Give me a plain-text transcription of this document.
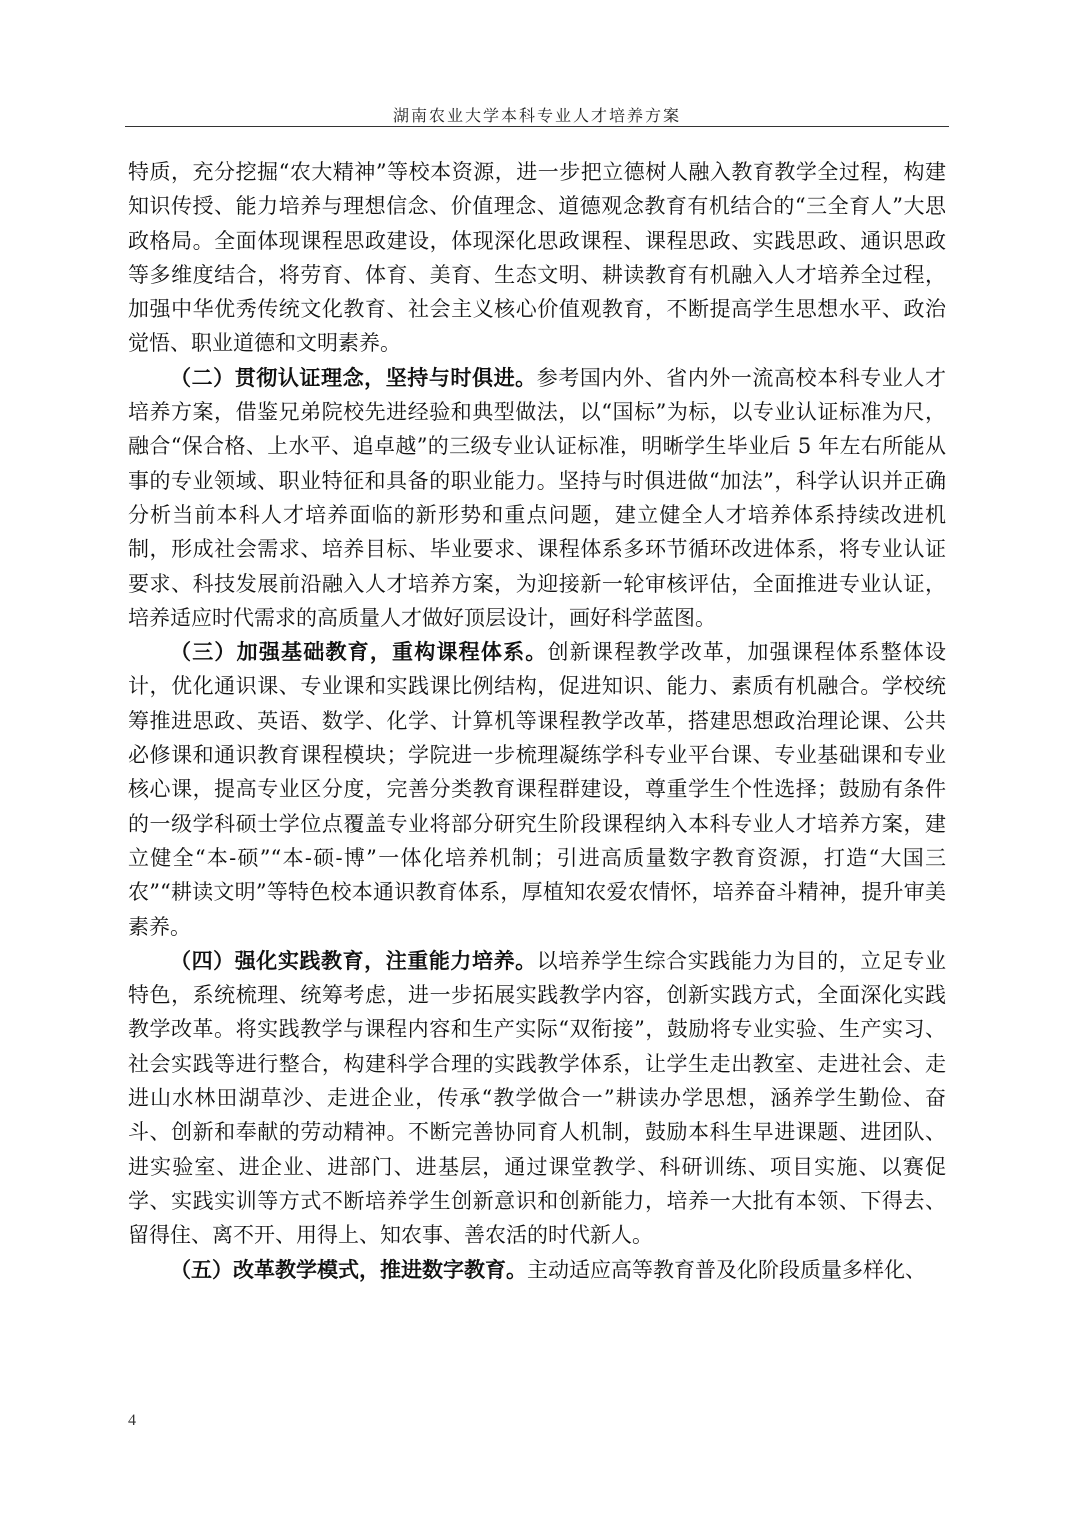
湖南农业大学本科专业人才培养方案

特质，充分挖掘“农大精神”等校本资源，进一步把立德树人融入教育教学全过程，构建知识传授、能力培养与理想信念、价值理念、道德观念教育有机结合的“三全育人”大思政格局。全面体现课程思政建设，体现深化思政课程、课程思政、实践思政、通识思政等多维度结合，将劳育、体育、美育、生态文明、耕读教育有机融入人才培养全过程，加强中华优秀传统文化教育、社会主义核心价值观教育，不断提高学生思想水平、政治觉悟、职业道德和文明素养。

（二）贯彻认证理念，坚持与时俱进。参考国内外、省内外一流高校本科专业人才培养方案，借鉴兄弟院校先进经验和典型做法，以“国标”为标，以专业认证标准为尺，融合“保合格、上水平、追卓越”的三级专业认证标准，明晰学生毕业后 5 年左右所能从事的专业领域、职业特征和具备的职业能力。坚持与时俱进做“加法”，科学认识并正确分析当前本科人才培养面临的新形势和重点问题，建立健全人才培养体系持续改进机制，形成社会需求、培养目标、毕业要求、课程体系多环节循环改进体系，将专业认证要求、科技发展前沿融入人才培养方案，为迎接新一轮审核评估，全面推进专业认证，培养适应时代需求的高质量人才做好顶层设计，画好科学蓝图。

（三）加强基础教育，重构课程体系。创新课程教学改革，加强课程体系整体设计，优化通识课、专业课和实践课比例结构，促进知识、能力、素质有机融合。学校统筹推进思政、英语、数学、化学、计算机等课程教学改革，搭建思想政治理论课、公共必修课和通识教育课程模块；学院进一步梳理凝练学科专业平台课、专业基础课和专业核心课，提高专业区分度，完善分类教育课程群建设，尊重学生个性选择；鼓励有条件的一级学科硕士学位点覆盖专业将部分研究生阶段课程纳入本科专业人才培养方案，建立健全“本-硕”“本-硕-博”一体化培养机制；引进高质量数字教育资源，打造“大国三农”“耕读文明”等特色校本通识教育体系，厚植知农爱农情怀，培养奋斗精神，提升审美素养。

（四）强化实践教育，注重能力培养。以培养学生综合实践能力为目的，立足专业特色，系统梳理、统筹考虑，进一步拓展实践教学内容，创新实践方式，全面深化实践教学改革。将实践教学与课程内容和生产实际“双衔接”，鼓励将专业实验、生产实习、社会实践等进行整合，构建科学合理的实践教学体系，让学生走出教室、走进社会、走进山水林田湖草沙、走进企业，传承“教学做合一”耕读办学思想，涵养学生勤俭、奋斗、创新和奉献的劳动精神。不断完善协同育人机制，鼓励本科生早进课题、进团队、进实验室、进企业、进部门、进基层，通过课堂教学、科研训练、项目实施、以赛促学、实践实训等方式不断培养学生创新意识和创新能力，培养一大批有本领、下得去、留得住、离不开、用得上、知农事、善农活的时代新人。

（五）改革教学模式，推进数字教育。主动适应高等教育普及化阶段质量多样化、

4
